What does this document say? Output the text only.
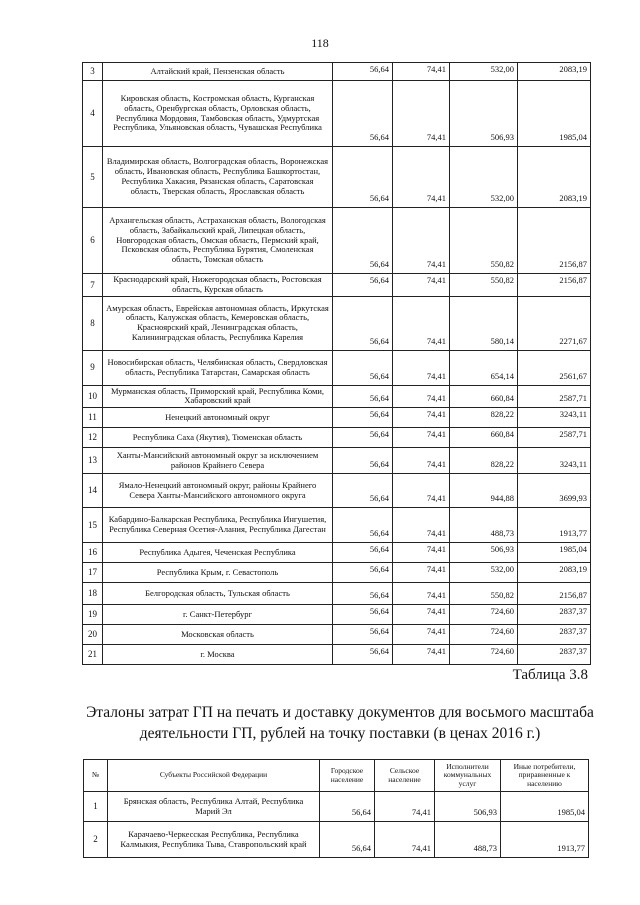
118
3	Алтайский край, Пензенская область	56,64	74,41	532,00	2083,19
4	Кировская область, Костромская область, Курганская область, Оренбургская область, Орловская область, Республика Мордовия, Тамбовская область, Удмуртская Республика, Ульяновская область, Чувашская Республика	56,64	74,41	506,93	1985,04
5	Владимирская область, Волгоградская область, Воронежская область, Ивановская область, Республика Башкортостан, Республика Хакасия, Рязанская область, Саратовская область, Тверская область, Ярославская область	56,64	74,41	532,00	2083,19
6	Архангельская область, Астраханская область, Вологодская область, Забайкальский край, Липецкая область, Новгородская область, Омская область, Пермский край, Псковская область, Республика Бурятия, Смоленская область, Томская область	56,64	74,41	550,82	2156,87
7	Краснодарский край, Нижегородская область, Ростовская область, Курская область	56,64	74,41	550,82	2156,87
8	Амурская область, Еврейская автономная область, Иркутская область, Калужская область, Кемеровская область, Красноярский край, Ленинградская область, Калининградская область, Республика Карелия	56,64	74,41	580,14	2271,67
9	Новосибирская область, Челябинская область, Свердловская область, Республика Татарстан, Самарская область	56,64	74,41	654,14	2561,67
10	Мурманская область, Приморский край, Республика Коми, Хабаровский край	56,64	74,41	660,84	2587,71
11	Ненецкий автономный округ	56,64	74,41	828,22	3243,11
12	Республика Саха (Якутия), Тюменская область	56,64	74,41	660,84	2587,71
13	Ханты-Мансийский автономный округ за исключением районов Крайнего Севера	56,64	74,41	828,22	3243,11
14	Ямало-Ненецкий автономный округ, районы Крайнего Севера Ханты-Мансийского автономного округа	56,64	74,41	944,88	3699,93
15	Кабардино-Балкарская Республика, Республика Ингушетия, Республика Северная Осетия-Алания, Республика Дагестан	56,64	74,41	488,73	1913,77
16	Республика Адыгея, Чеченская Республика	56,64	74,41	506,93	1985,04
17	Республика Крым, г. Севастополь	56,64	74,41	532,00	2083,19
18	Белгородская область, Тульская область	56,64	74,41	550,82	2156,87
19	г. Санкт-Петербург	56,64	74,41	724,60	2837,37
20	Московская область	56,64	74,41	724,60	2837,37
21	г. Москва	56,64	74,41	724,60	2837,37
Таблица 3.8
Эталоны затрат ГП на печать и доставку документов для восьмого масштаба деятельности ГП, рублей на точку поставки (в ценах 2016 г.)
№	Субъекты Российской Федерации	Городское население	Сельское население	Исполнители коммунальных услуг	Иные потребители, приравненные к населению
1	Брянская область, Республика Алтай, Республика Марий Эл	56,64	74,41	506,93	1985,04
2	Карачаево-Черкесская Республика, Республика Калмыкия, Республика Тыва, Ставропольский край	56,64	74,41	488,73	1913,77
